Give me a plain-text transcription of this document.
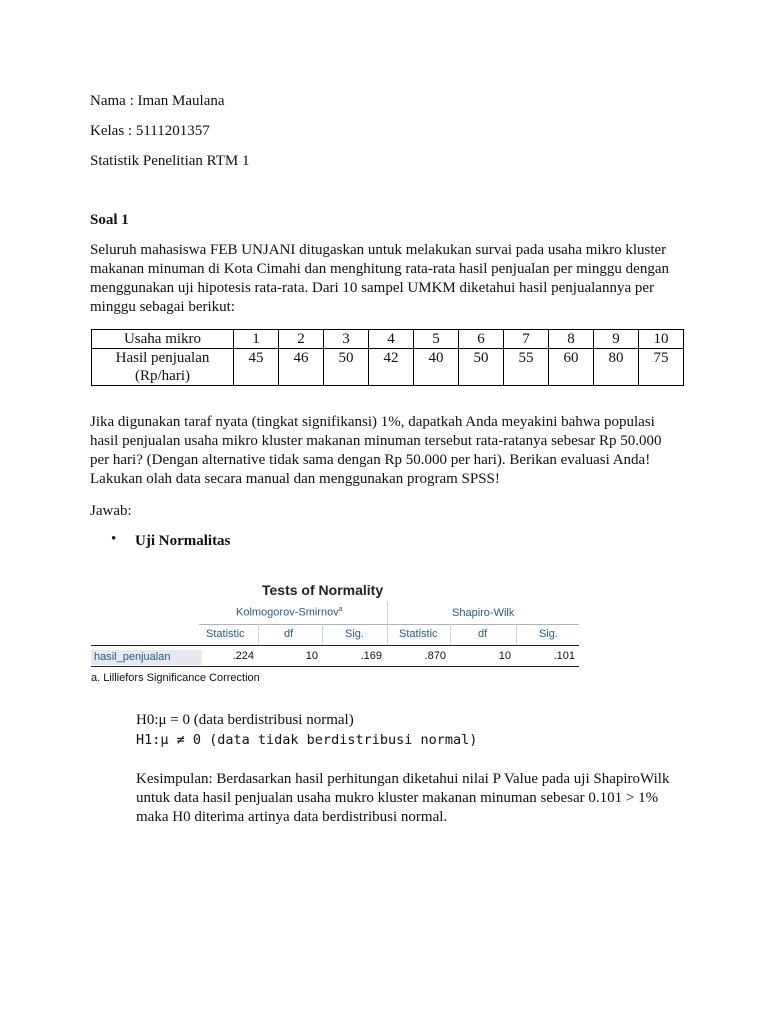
Nama : Iman Maulana
Kelas : 5111201357
Statistik Penelitian RTM 1
Soal 1
Seluruh mahasiswa FEB UNJANI ditugaskan untuk melakukan survai pada usaha mikro kluster
makanan minuman di Kota Cimahi dan menghitung rata-rata hasil penjualan per minggu dengan
menggunakan uji hipotesis rata-rata. Dari 10 sampel UMKM diketahui hasil penjualannya per
minggu sebagai berikut:
Usaha mikro	1	2	3	4	5	6	7	8	9	10

Hasil penjualan
(Rp/hari)	45	46	50	42	40	50	55	60	80	75
Jika digunakan taraf nyata (tingkat signifikansi) 1%, dapatkah Anda meyakini bahwa populasi
hasil penjualan usaha mikro kluster makanan minuman tersebut rata-ratanya sebesar Rp 50.000
per hari? (Dengan alternative tidak sama dengan Rp 50.000 per hari). Berikan evaluasi Anda!
Lakukan olah data secara manual dan menggunakan program SPSS!
Jawab:
• Uji Normalitas
Tests of Normality
Kolmogorov-Smirnov$^a$	Shapiro-Wilk
Statistic	df	Sig.	Statistic	df	Sig.
hasil_penjualan	.224	10	.169	.870	10	.101
a. Lilliefors Significance Correction
H0:μ = 0 (data berdistribusi normal)
H1:μ ≠ 0 (data tidak berdistribusi normal)
Kesimpulan: Berdasarkan hasil perhitungan diketahui nilai P Value pada uji ShapiroWilk
untuk data hasil penjualan usaha mukro kluster makanan minuman sebesar 0.101 > 1%
maka H0 diterima artinya data berdistribusi normal.
